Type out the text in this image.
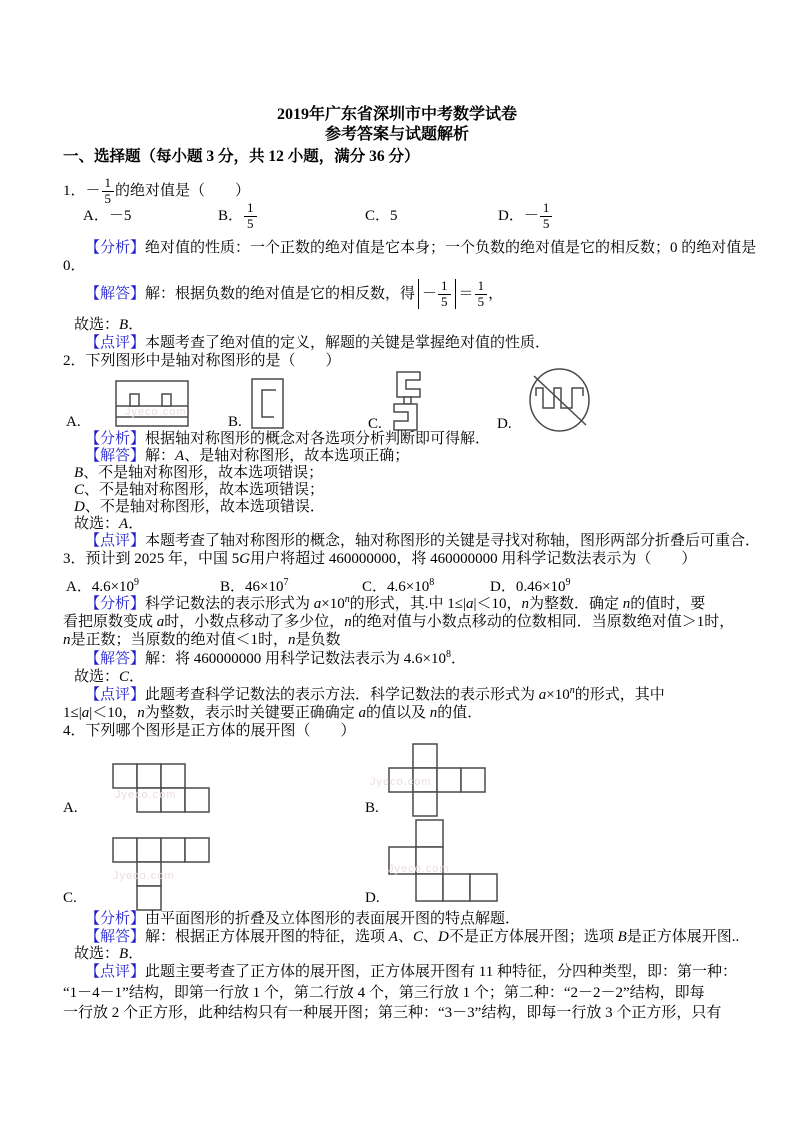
Jyeco.com
Jyeco.com
Jyeco.com
Jyeco.com
Jyeco.com
2019年广东省深圳市中考数学试卷
参考答案与试题解析
一、选择题（每小题 3 分，共 12 小题，满分 36 分）
1．－ $\frac{1}{5}$ 的绝对值是（　　）
A．－5	B． $\frac{1}{5}$	C．5	D．－ $\frac{1}{5}$
【分析】绝对值的性质：一个正数的绝对值是它本身；一个负数的绝对值是它的相反数；0 的绝对值是
0．
【解答】 解：根据负数的绝对值是它的相反数，得 － $\frac{1}{5} = \frac{1}{5}$ ，
故选：B．
【点评】本题考查了绝对值的定义，解题的关键是掌握绝对值的性质．
2．下列图形中是轴对称图形的是（　　）
A.	B.	C.	D.
【分析】根据轴对称图形的概念对各选项分析判断即可得解．
【解答】解：A、是轴对称图形，故本选项正确；
B、不是轴对称图形，故本选项错误；
C、不是轴对称图形，故本选项错误；
D、不是轴对称图形，故本选项错误．
故选：A．
【点评】本题考查了轴对称图形的概念，轴对称图形的关键是寻找对称轴，图形两部分折叠后可重合．
3．预计到 2025 年，中国 5G用户将超过 460000000，将 460000000 用科学记数法表示为（　　）
A．$4.6\times 10^9$	B．$46\times 10^7$	C．$4.6\times 10^8$	D．$0.46\times 10^9$
【分析】科学记数法的表示形式为 $a\times 10^n$的形式，其.中 1≤|a|＜10，n为整数．确定 n的值时，要
看把原数变成 a时，小数点移动了多少位，n的绝对值与小数点移动的位数相同．当原数绝对值＞1时，
n是正数；当原数的绝对值＜1时，n是负数
【解答】解：将 460000000 用科学记数法表示为 $4.6\times 10^8$．
故选：C．
【点评】此题考查科学记数法的表示方法．科学记数法的表示形式为 $a\times 10^n$的形式，其中
1≤|a|＜10，n为整数，表示时关键要正确确定 a的值以及 n的值．
4．下列哪个图形是正方体的展开图（　　）
A.	B.
C.	D.
【分析】由平面图形的折叠及立体图形的表面展开图的特点解题．
【解答】解：根据正方体展开图的特征，选项 A、C、D不是正方体展开图；选项 B是正方体展开图..
故选：B．
【点评】此题主要考查了正方体的展开图，正方体展开图有 11 种特征，分四种类型，即：第一种：
“1－4－1”结构，即第一行放 1 个，第二行放 4 个，第三行放 1 个；第二种：“2－2－2”结构，即每
一行放 2 个正方形，此种结构只有一种展开图；第三种：“3－3”结构，即每一行放 3 个正方形，只有
